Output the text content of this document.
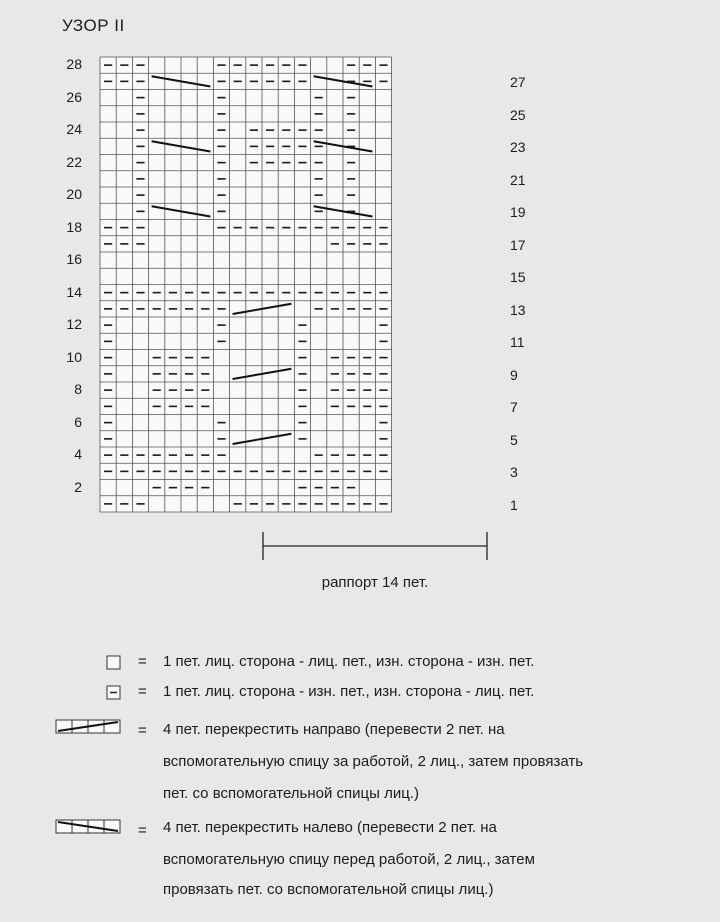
УЗОР II
28
26
24
22
20
18
16
14
12
10
8
6
4
2
27
25
23
21
19
17
15
13
11
9
7
5
3
1
раппорт 14 пет.
= 1 пет. лиц. сторона - лиц. пет., изн. сторона - изн. пет.
= 1 пет. лиц. сторона - изн. пет., изн. сторона - лиц. пет.
= 4 пет. перекрестить направо (перевести 2 пет. на
вспомогательную спицу за работой, 2 лиц., затем провязать
пет. со вспомогательной спицы лиц.)
= 4 пет. перекрестить налево (перевести 2 пет. на
вспомогательную спицу перед работой, 2 лиц., затем
провязать пет. со вспомогательной спицы лиц.)
